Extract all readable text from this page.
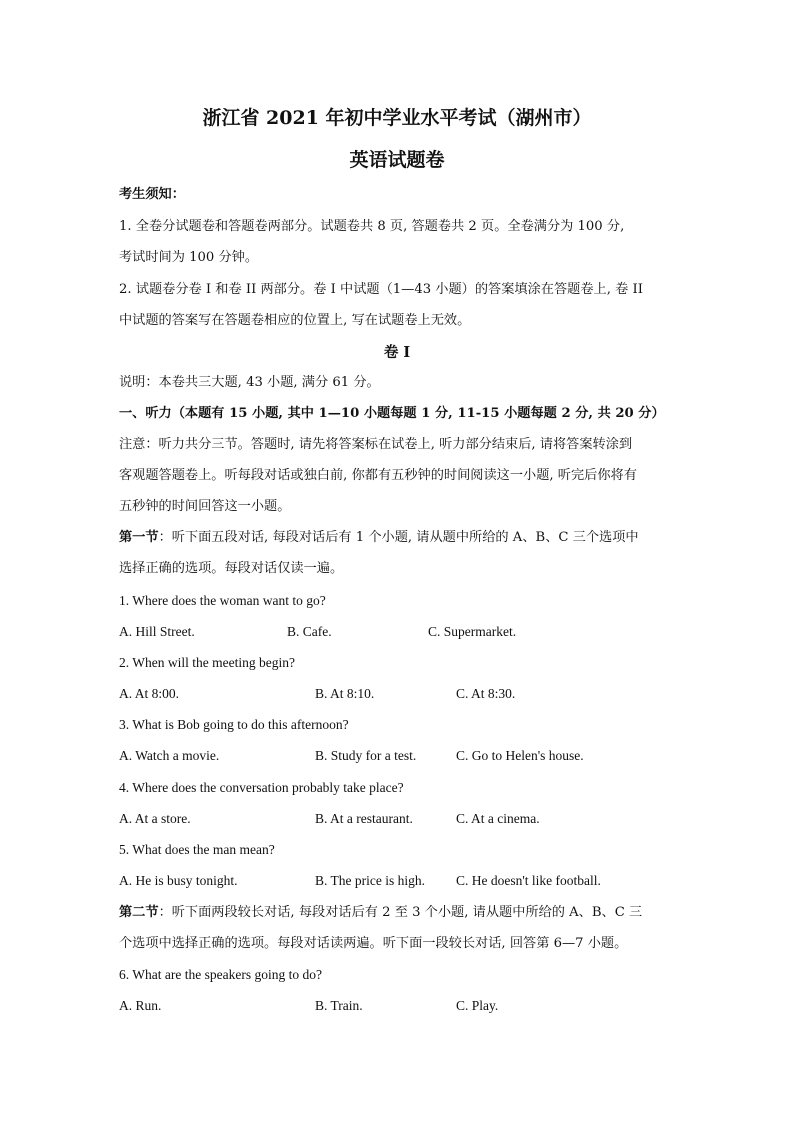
浙江省 2021 年初中学业水平考试（湖州市）
英语试题卷
考生须知：
1. 全卷分试题卷和答题卷两部分。试题卷共 8 页, 答题卷共 2 页。全卷满分为 100 分,
考试时间为 100 分钟。
2. 试题卷分卷 I 和卷 II 两部分。卷 I 中试题（1—43 小题）的答案填涂在答题卷上, 卷 II
中试题的答案写在答题卷相应的位置上, 写在试题卷上无效。
卷 I
说明：本卷共三大题, 43 小题, 满分 61 分。
一、听力（本题有 15 小题, 其中 1—10 小题每题 1 分, 11-15 小题每题 2 分, 共 20 分）
注意：听力共分三节。答题时, 请先将答案标在试卷上, 听力部分结束后, 请将答案转涂到
客观题答题卷上。听每段对话或独白前, 你都有五秒钟的时间阅读这一小题, 听完后你将有
五秒钟的时间回答这一小题。
第一节：听下面五段对话, 每段对话后有 1 个小题, 请从题中所给的 A、B、C 三个选项中
选择正确的选项。每段对话仅读一遍。
1. Where does the woman want to go?
A. Hill Street.	B. Cafe.	C. Supermarket.
2. When will the meeting begin?
A. At 8:00.	B. At 8:10.	C. At 8:30.
3. What is Bob going to do this afternoon?
A. Watch a movie.	B. Study for a test.	C. Go to Helen's house.
4. Where does the conversation probably take place?
A. At a store.	B. At a restaurant.	C. At a cinema.
5. What does the man mean?
A. He is busy tonight.	B. The price is high. C. He doesn't like football.
第二节：听下面两段较长对话, 每段对话后有 2 至 3 个小题, 请从题中所给的 A、B、C 三
个选项中选择正确的选项。每段对话读两遍。听下面一段较长对话, 回答第 6—7 小题。
6. What are the speakers going to do?
A. Run.	B. Train.	C. Play.
